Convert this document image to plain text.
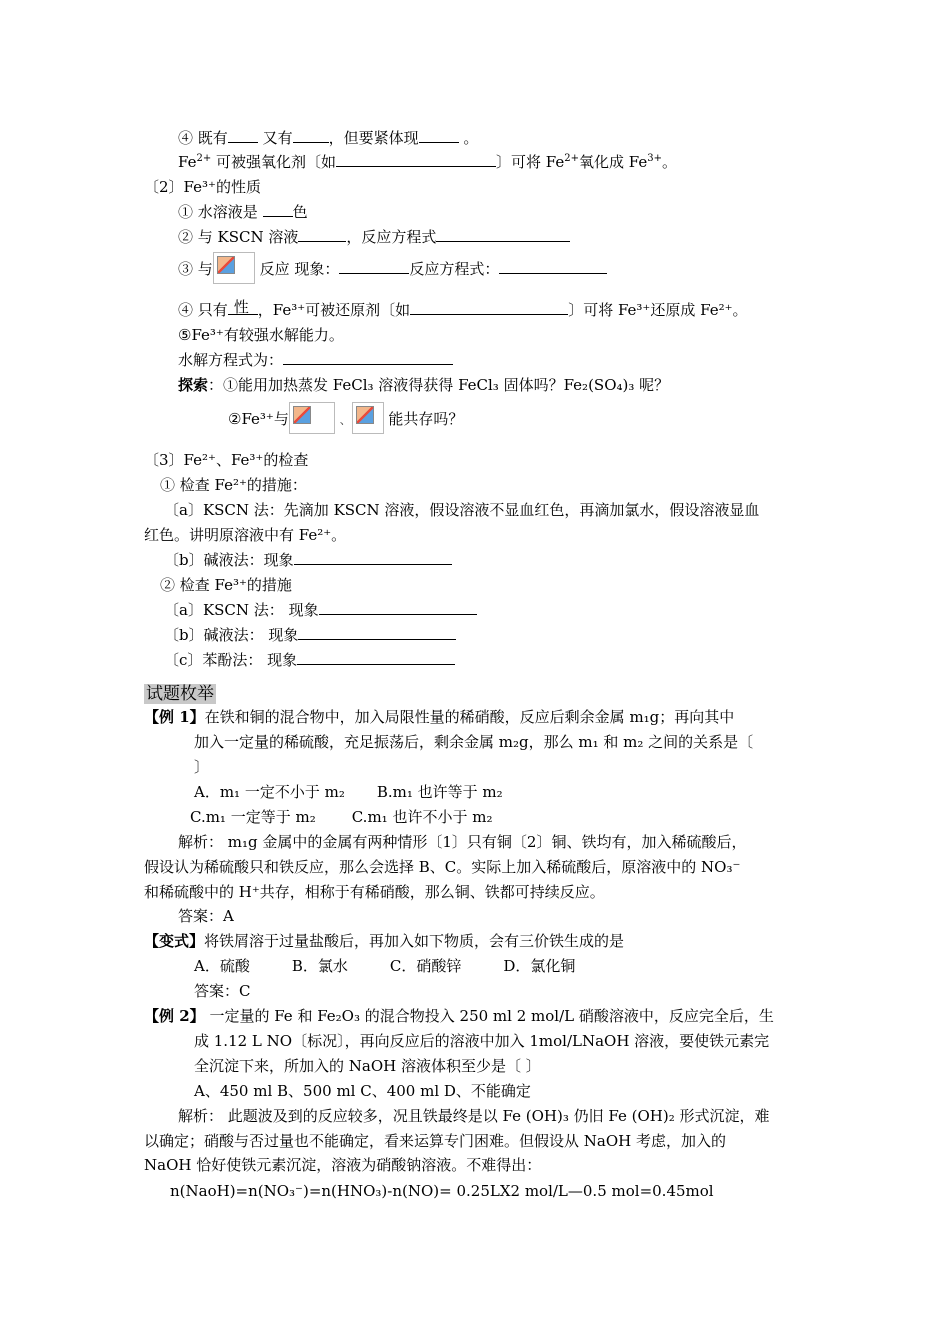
④ 既有 又有 ，但要紧体现	。
$Fe^{2+}$ 可被强氧化剂〔如	〕可将 $Fe^{2+}$氧化成 $Fe^{3+}$。
〔2〕Fe³⁺的性质
① 水溶液是 色
② 与 KSCN 溶液	，反应方程式
③ 与	反应 现象：	反应方程式：
④ 只有 性 ，Fe³⁺可被还原剂〔如	〕可将 Fe³⁺还原成 Fe²⁺。
⑤Fe³⁺有较强水解能力。
水解方程式为：
探索：①能用加热蒸发 FeCl₃ 溶液得获得 FeCl₃ 固体吗？Fe₂(SO₄)₃ 呢？
②Fe³⁺与	、 能共存吗？
〔3〕Fe²⁺、Fe³⁺的检查
① 检查 Fe²⁺的措施：
〔a〕KSCN 法：先滴加 KSCN 溶液，假设溶液不显血红色，再滴加氯水，假设溶液显血
红色。讲明原溶液中有 Fe²⁺。
〔b〕碱液法：现象
② 检查 Fe³⁺的措施
〔a〕KSCN 法： 现象
〔b〕碱液法： 现象
〔c〕苯酚法： 现象
试题枚举
【例 1】在铁和铜的混合物中，加入局限性量的稀硝酸，反应后剩余金属 m₁g；再向其中
加入一定量的稀硫酸，充足振荡后，剩余金属 m₂g，那么 m₁ 和 m₂ 之间的关系是〔
〕
A．m₁ 一定不小于 m₂ B.m₁ 也许等于 m₂
C.m₁ 一定等于 m₂ C.m₁ 也许不小于 m₂
解析： m₁g 金属中的金属有两种情形〔1〕只有铜〔2〕铜、铁均有，加入稀硫酸后，
假设认为稀硫酸只和铁反应，那么会选择 B、C。实际上加入稀硫酸后，原溶液中的 NO₃⁻
和稀硫酸中的 H⁺共存，相称于有稀硝酸，那么铜、铁都可持续反应。
答案：A
【变式】将铁屑溶于过量盐酸后，再加入如下物质，会有三价铁生成的是
A．硫酸	B．氯水	C．硝酸锌	D．氯化铜
答案：C
【例 2】 一定量的 Fe 和 Fe₂O₃ 的混合物投入 250 ml 2 mol/L 硝酸溶液中，反应完全后，生
成 1.12 L NO〔标况〕，再向反应后的溶液中加入 1mol/LNaOH 溶液，要使铁元素完
全沉淀下来，所加入的 NaOH 溶液体积至少是〔 〕
A、450 ml B、500 ml C、400 ml D、不能确定
解析： 此题波及到的反应较多，况且铁最终是以 Fe (OH)₃ 仍旧 Fe (OH)₂ 形式沉淀，难
以确定；硝酸与否过量也不能确定，看来运算专门困难。但假设从 NaOH 考虑，加入的
NaOH 恰好使铁元素沉淀，溶液为硝酸钠溶液。不难得出：
n(NaoH)=n(NO₃⁻)=n(HNO₃)-n(NO)= 0.25LX2 mol/L—0.5 mol=0.45mol
